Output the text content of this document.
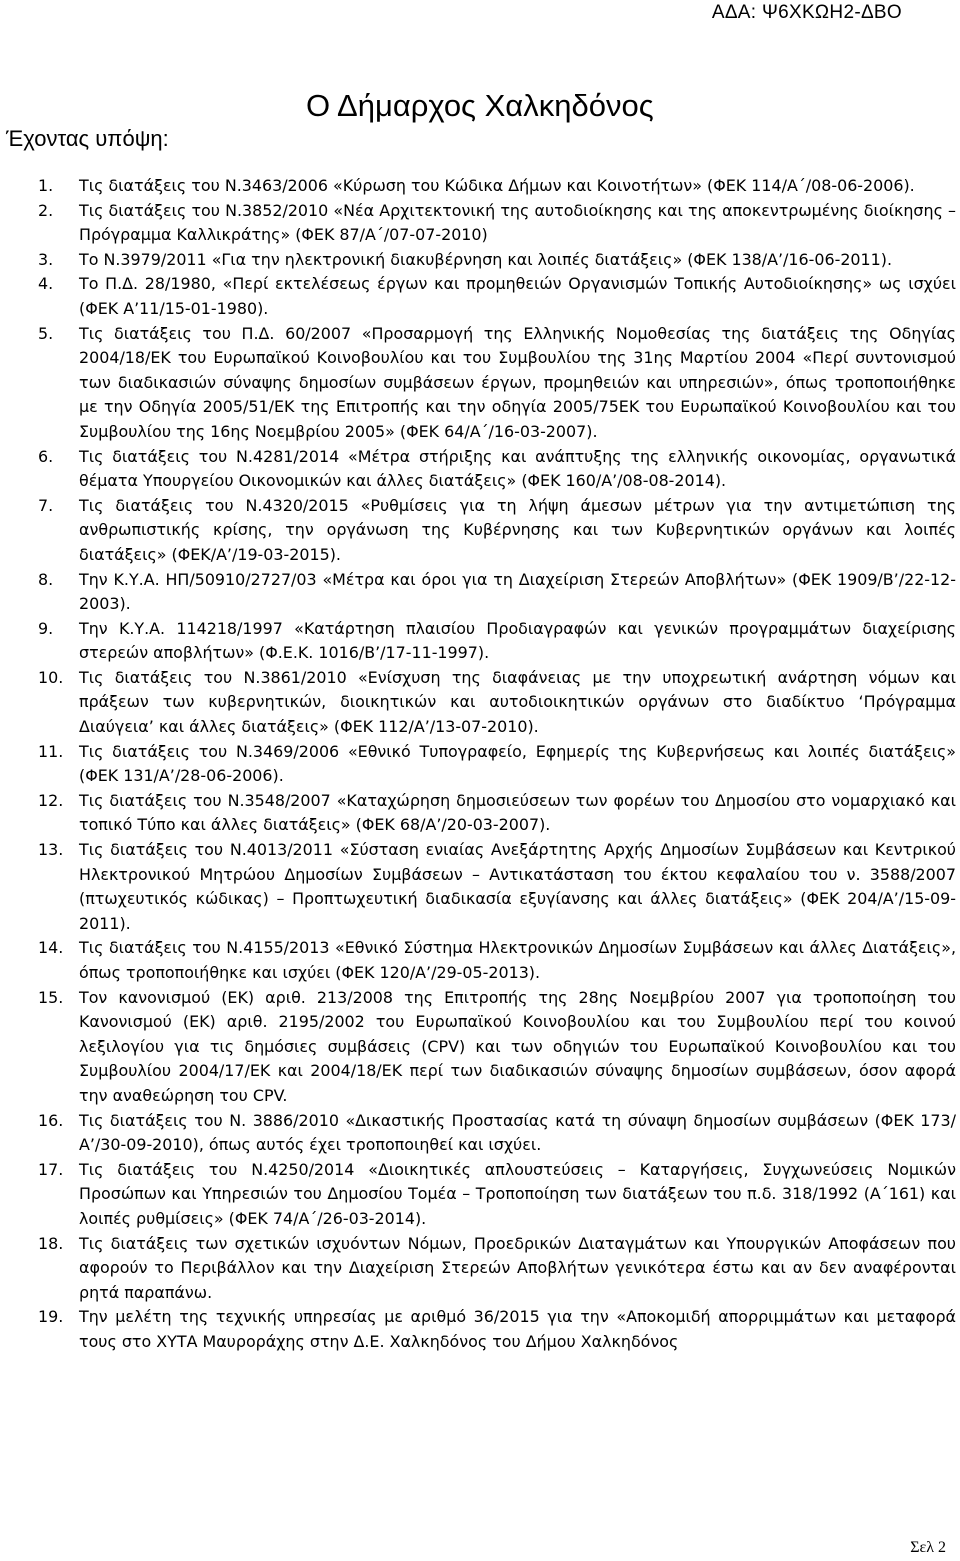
ΑΔΑ: Ψ6ΧΚΩΗ2-ΔΒΟ
Ο Δήμαρχος Χαλκηδόνος
Έχοντας υπόψη:
1. Τις διατάξεις του Ν.3463/2006 «Κύρωση του Κώδικα Δήμων και Κοινοτήτων» (ΦΕΚ 114/Α΄/08-06-2006).
2. Τις διατάξεις του Ν.3852/2010 «Νέα Αρχιτεκτονική της αυτοδιοίκησης και της αποκεντρωμένης διοίκησης – Πρόγραμμα Καλλικράτης» (ΦΕΚ 87/Α΄/07-07-2010)
3. Το Ν.3979/2011 «Για την ηλεκτρονική διακυβέρνηση και λοιπές διατάξεις» (ΦΕΚ 138/Α’/16-06-2011).
4. Το Π.Δ. 28/1980, «Περί εκτελέσεως έργων και προμηθειών Οργανισμών Τοπικής Αυτοδιοίκησης» ως ισχύει (ΦΕΚ Α’11/15-01-1980).
5. Τις διατάξεις του Π.Δ. 60/2007 «Προσαρμογή της Ελληνικής Νομοθεσίας της διατάξεις της Οδηγίας 2004/18/ΕΚ του Ευρωπαϊκού Κοινοβουλίου και του Συμβουλίου της 31ης Μαρτίου 2004 «Περί συντονισμού των διαδικασιών σύναψης δημοσίων συμβάσεων έργων, προμηθειών και υπηρεσιών», όπως τροποποιήθηκε με την Οδηγία 2005/51/ΕΚ της Επιτροπής και την οδηγία 2005/75ΕΚ του Ευρωπαϊκού Κοινοβουλίου και του Συμβουλίου της 16ης Νοεμβρίου 2005» (ΦΕΚ 64/Α΄/16-03-2007).
6. Τις διατάξεις του Ν.4281/2014 «Μέτρα στήριξης και ανάπτυξης της ελληνικής οικονομίας, οργανωτικά θέματα Υπουργείου Οικονομικών και άλλες διατάξεις» (ΦΕΚ 160/Α’/08-08-2014).
7. Τις διατάξεις του Ν.4320/2015 «Ρυθμίσεις για τη λήψη άμεσων μέτρων για την αντιμετώπιση της ανθρωπιστικής κρίσης, την οργάνωση της Κυβέρνησης και των Κυβερνητικών οργάνων και λοιπές διατάξεις» (ΦΕΚ/Α’/19-03-2015).
8. Την Κ.Υ.Α. ΗΠ/50910/2727/03 «Μέτρα και όροι για τη Διαχείριση Στερεών Αποβλήτων» (ΦΕΚ 1909/Β’/22-12-2003).
9. Την Κ.Υ.Α. 114218/1997 «Κατάρτηση πλαισίου Προδιαγραφών και γενικών προγραμμάτων διαχείρισης στερεών αποβλήτων» (Φ.Ε.Κ. 1016/Β’/17-11-1997).
10. Τις διατάξεις του Ν.3861/2010 «Ενίσχυση της διαφάνειας με την υποχρεωτική ανάρτηση νόμων και πράξεων των κυβερνητικών, διοικητικών και αυτοδιοικητικών οργάνων στο διαδίκτυο ‘Πρόγραμμα Διαύγεια’ και άλλες διατάξεις» (ΦΕΚ 112/Α’/13-07-2010).
11. Τις διατάξεις του Ν.3469/2006 «Εθνικό Τυπογραφείο, Εφημερίς της Κυβερνήσεως και λοιπές διατάξεις» (ΦΕΚ 131/Α’/28-06-2006).
12. Τις διατάξεις του Ν.3548/2007 «Καταχώρηση δημοσιεύσεων των φορέων του Δημοσίου στο νομαρχιακό και τοπικό Τύπο και άλλες διατάξεις» (ΦΕΚ 68/Α’/20-03-2007).
13. Τις διατάξεις του Ν.4013/2011 «Σύσταση ενιαίας Ανεξάρτητης Αρχής Δημοσίων Συμβάσεων και Κεντρικού Ηλεκτρονικού Μητρώου Δημοσίων Συμβάσεων – Αντικατάσταση του έκτου κεφαλαίου του ν. 3588/2007 (πτωχευτικός κώδικας) – Προπτωχευτική διαδικασία εξυγίανσης και άλλες διατάξεις» (ΦΕΚ 204/Α’/15-09-2011).
14. Τις διατάξεις του Ν.4155/2013 «Εθνικό Σύστημα Ηλεκτρονικών Δημοσίων Συμβάσεων και άλλες Διατάξεις», όπως τροποποιήθηκε και ισχύει (ΦΕΚ 120/Α’/29-05-2013).
15. Τον κανονισμού (ΕΚ) αριθ. 213/2008 της Επιτροπής της 28ης Νοεμβρίου 2007 για τροποποίηση του Κανονισμού (ΕΚ) αριθ. 2195/2002 του Ευρωπαϊκού Κοινοβουλίου και του Συμβουλίου περί του κοινού λεξιλογίου για τις δημόσιες συμβάσεις (CPV) και των οδηγιών του Ευρωπαϊκού Κοινοβουλίου και του Συμβουλίου 2004/17/ΕΚ και 2004/18/ΕΚ περί των διαδικασιών σύναψης δημοσίων συμβάσεων, όσον αφορά την αναθεώρηση του CPV.
16. Τις διατάξεις του Ν. 3886/2010 «Δικαστικής Προστασίας κατά τη σύναψη δημοσίων συμβάσεων (ΦΕΚ 173/Α’/30-09-2010), όπως αυτός έχει τροποποιηθεί και ισχύει.
17. Τις διατάξεις του Ν.4250/2014 «Διοικητικές απλουστεύσεις – Καταργήσεις, Συγχωνεύσεις Νομικών Προσώπων και Υπηρεσιών του Δημοσίου Τομέα – Τροποποίηση των διατάξεων του π.δ. 318/1992 (Α΄161) και λοιπές ρυθμίσεις» (ΦΕΚ 74/Α΄/26-03-2014).
18. Τις διατάξεις των σχετικών ισχυόντων Νόμων, Προεδρικών Διαταγμάτων και Υπουργικών Αποφάσεων που αφορούν το Περιβάλλον και την Διαχείριση Στερεών Αποβλήτων γενικότερα έστω και αν δεν αναφέρονται ρητά παραπάνω.
19. Την μελέτη της τεχνικής υπηρεσίας με αριθμό 36/2015 για την «Αποκομιδή απορριμμάτων και μεταφορά τους στο ΧΥΤΑ Μαυροράχης στην Δ.Ε. Χαλκηδόνος του Δήμου Χαλκηδόνος
Σελ 2
